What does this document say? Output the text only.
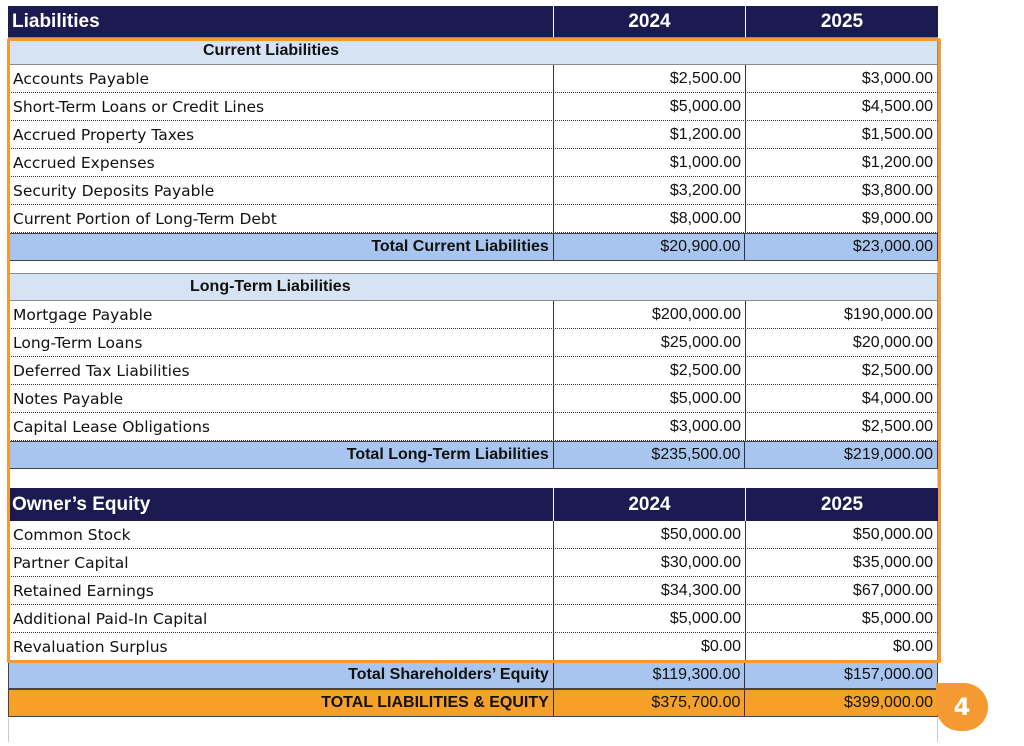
Liabilities	2024	2025
Current Liabilities
Accounts Payable	$2,500.00	$3,000.00
Short-Term Loans or Credit Lines	$5,000.00	$4,500.00
Accrued Property Taxes	$1,200.00	$1,500.00
Accrued Expenses	$1,000.00	$1,200.00
Security Deposits Payable	$3,200.00	$3,800.00
Current Portion of Long-Term Debt	$8,000.00	$9,000.00
Total Current Liabilities	$20,900.00	$23,000.00
Long-Term Liabilities
Mortgage Payable	$200,000.00	$190,000.00
Long-Term Loans	$25,000.00	$20,000.00
Deferred Tax Liabilities	$2,500.00	$2,500.00
Notes Payable	$5,000.00	$4,000.00
Capital Lease Obligations	$3,000.00	$2,500.00
Total Long-Term Liabilities	$235,500.00	$219,000.00
Owner’s Equity	2024	2025
Common Stock	$50,000.00	$50,000.00
Partner Capital	$30,000.00	$35,000.00
Retained Earnings	$34,300.00	$67,000.00
Additional Paid-In Capital	$5,000.00	$5,000.00
Revaluation Surplus	$0.00	$0.00
Total Shareholders’ Equity	$119,300.00	$157,000.00
TOTAL LIABILITIES & EQUITY	$375,700.00	$399,000.00 4
